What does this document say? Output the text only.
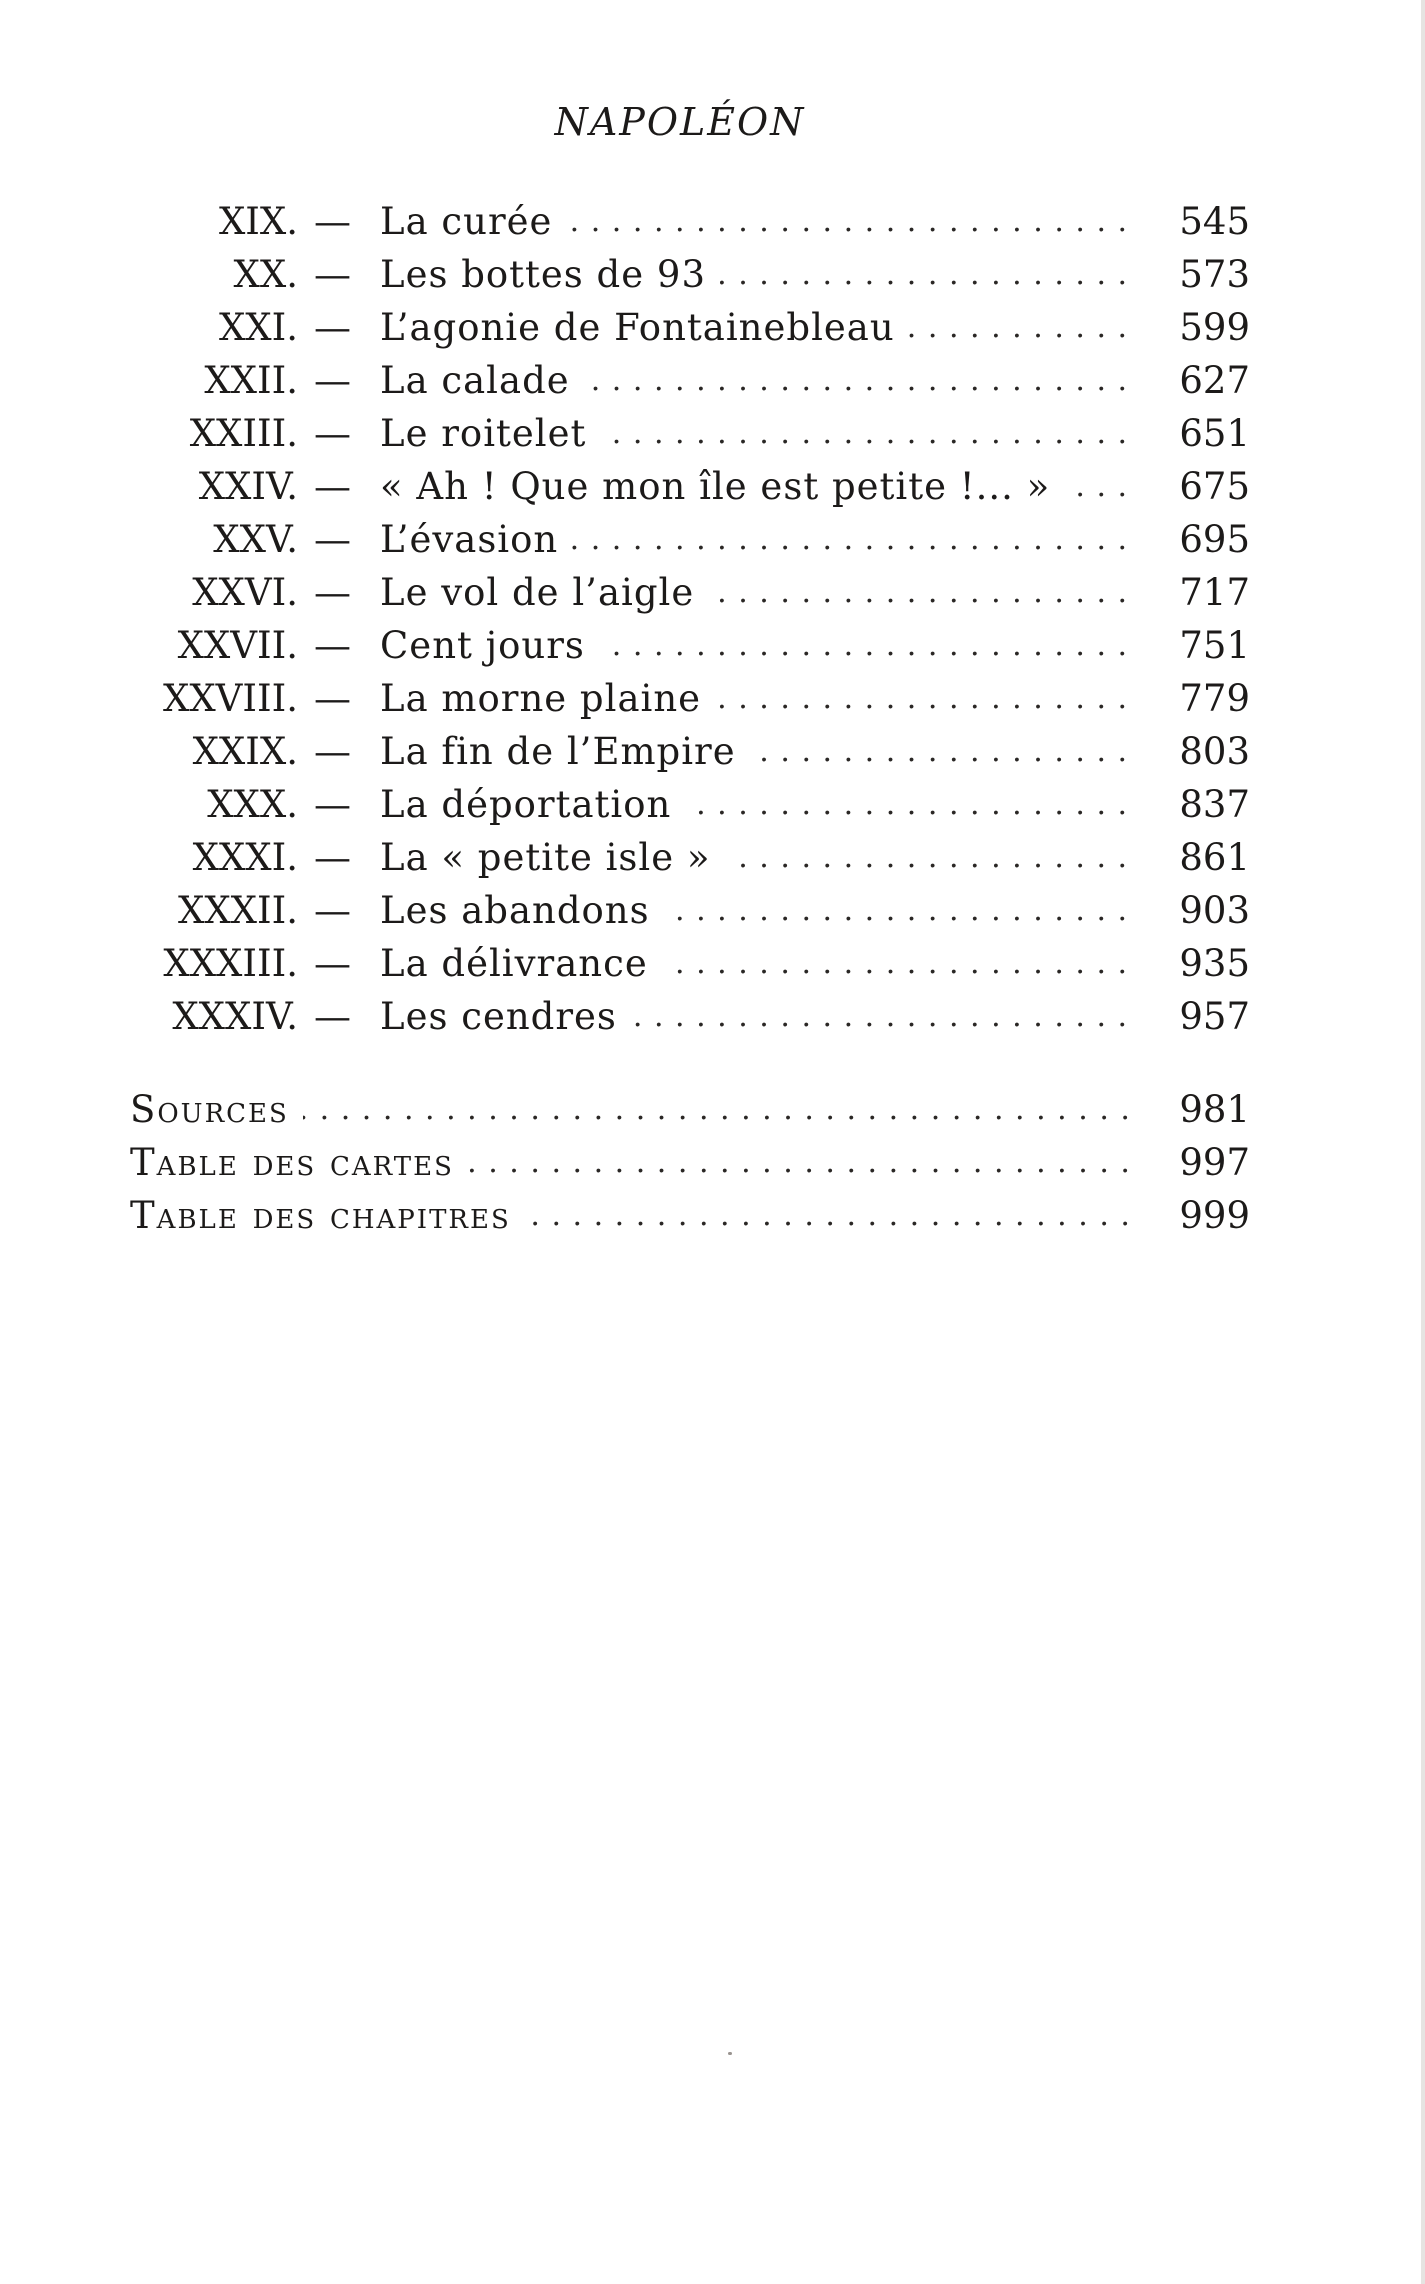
NAPOLÉON
XIX. — La curée . . .	545
XX. — Les bottes de 93 . . .	573
XXI. — L’agonie de Fontainebleau . . .	599
XXII. — La calade . . .	627
XXIII. — Le roitelet . . .	651
XXIV. — « Ah ! Que mon île est petite !... » . . .	675
XXV. — L’évasion . . .	695
XXVI. — Le vol de l’aigle . . .	717
XXVII. — Cent jours . . .	751
XXVIII. — La morne plaine . . .	779
XXIX. — La fin de l’Empire . . .	803
XXX. — La déportation . . .	837
XXXI. — La « petite isle » . . .	861
XXXII. — Les abandons . . .	903
XXXIII. — La délivrance . . .	935
XXXIV. — Les cendres . . .	957
Sources . . .	981
Table des cartes . . .	997
Table des chapitres . . .	999
